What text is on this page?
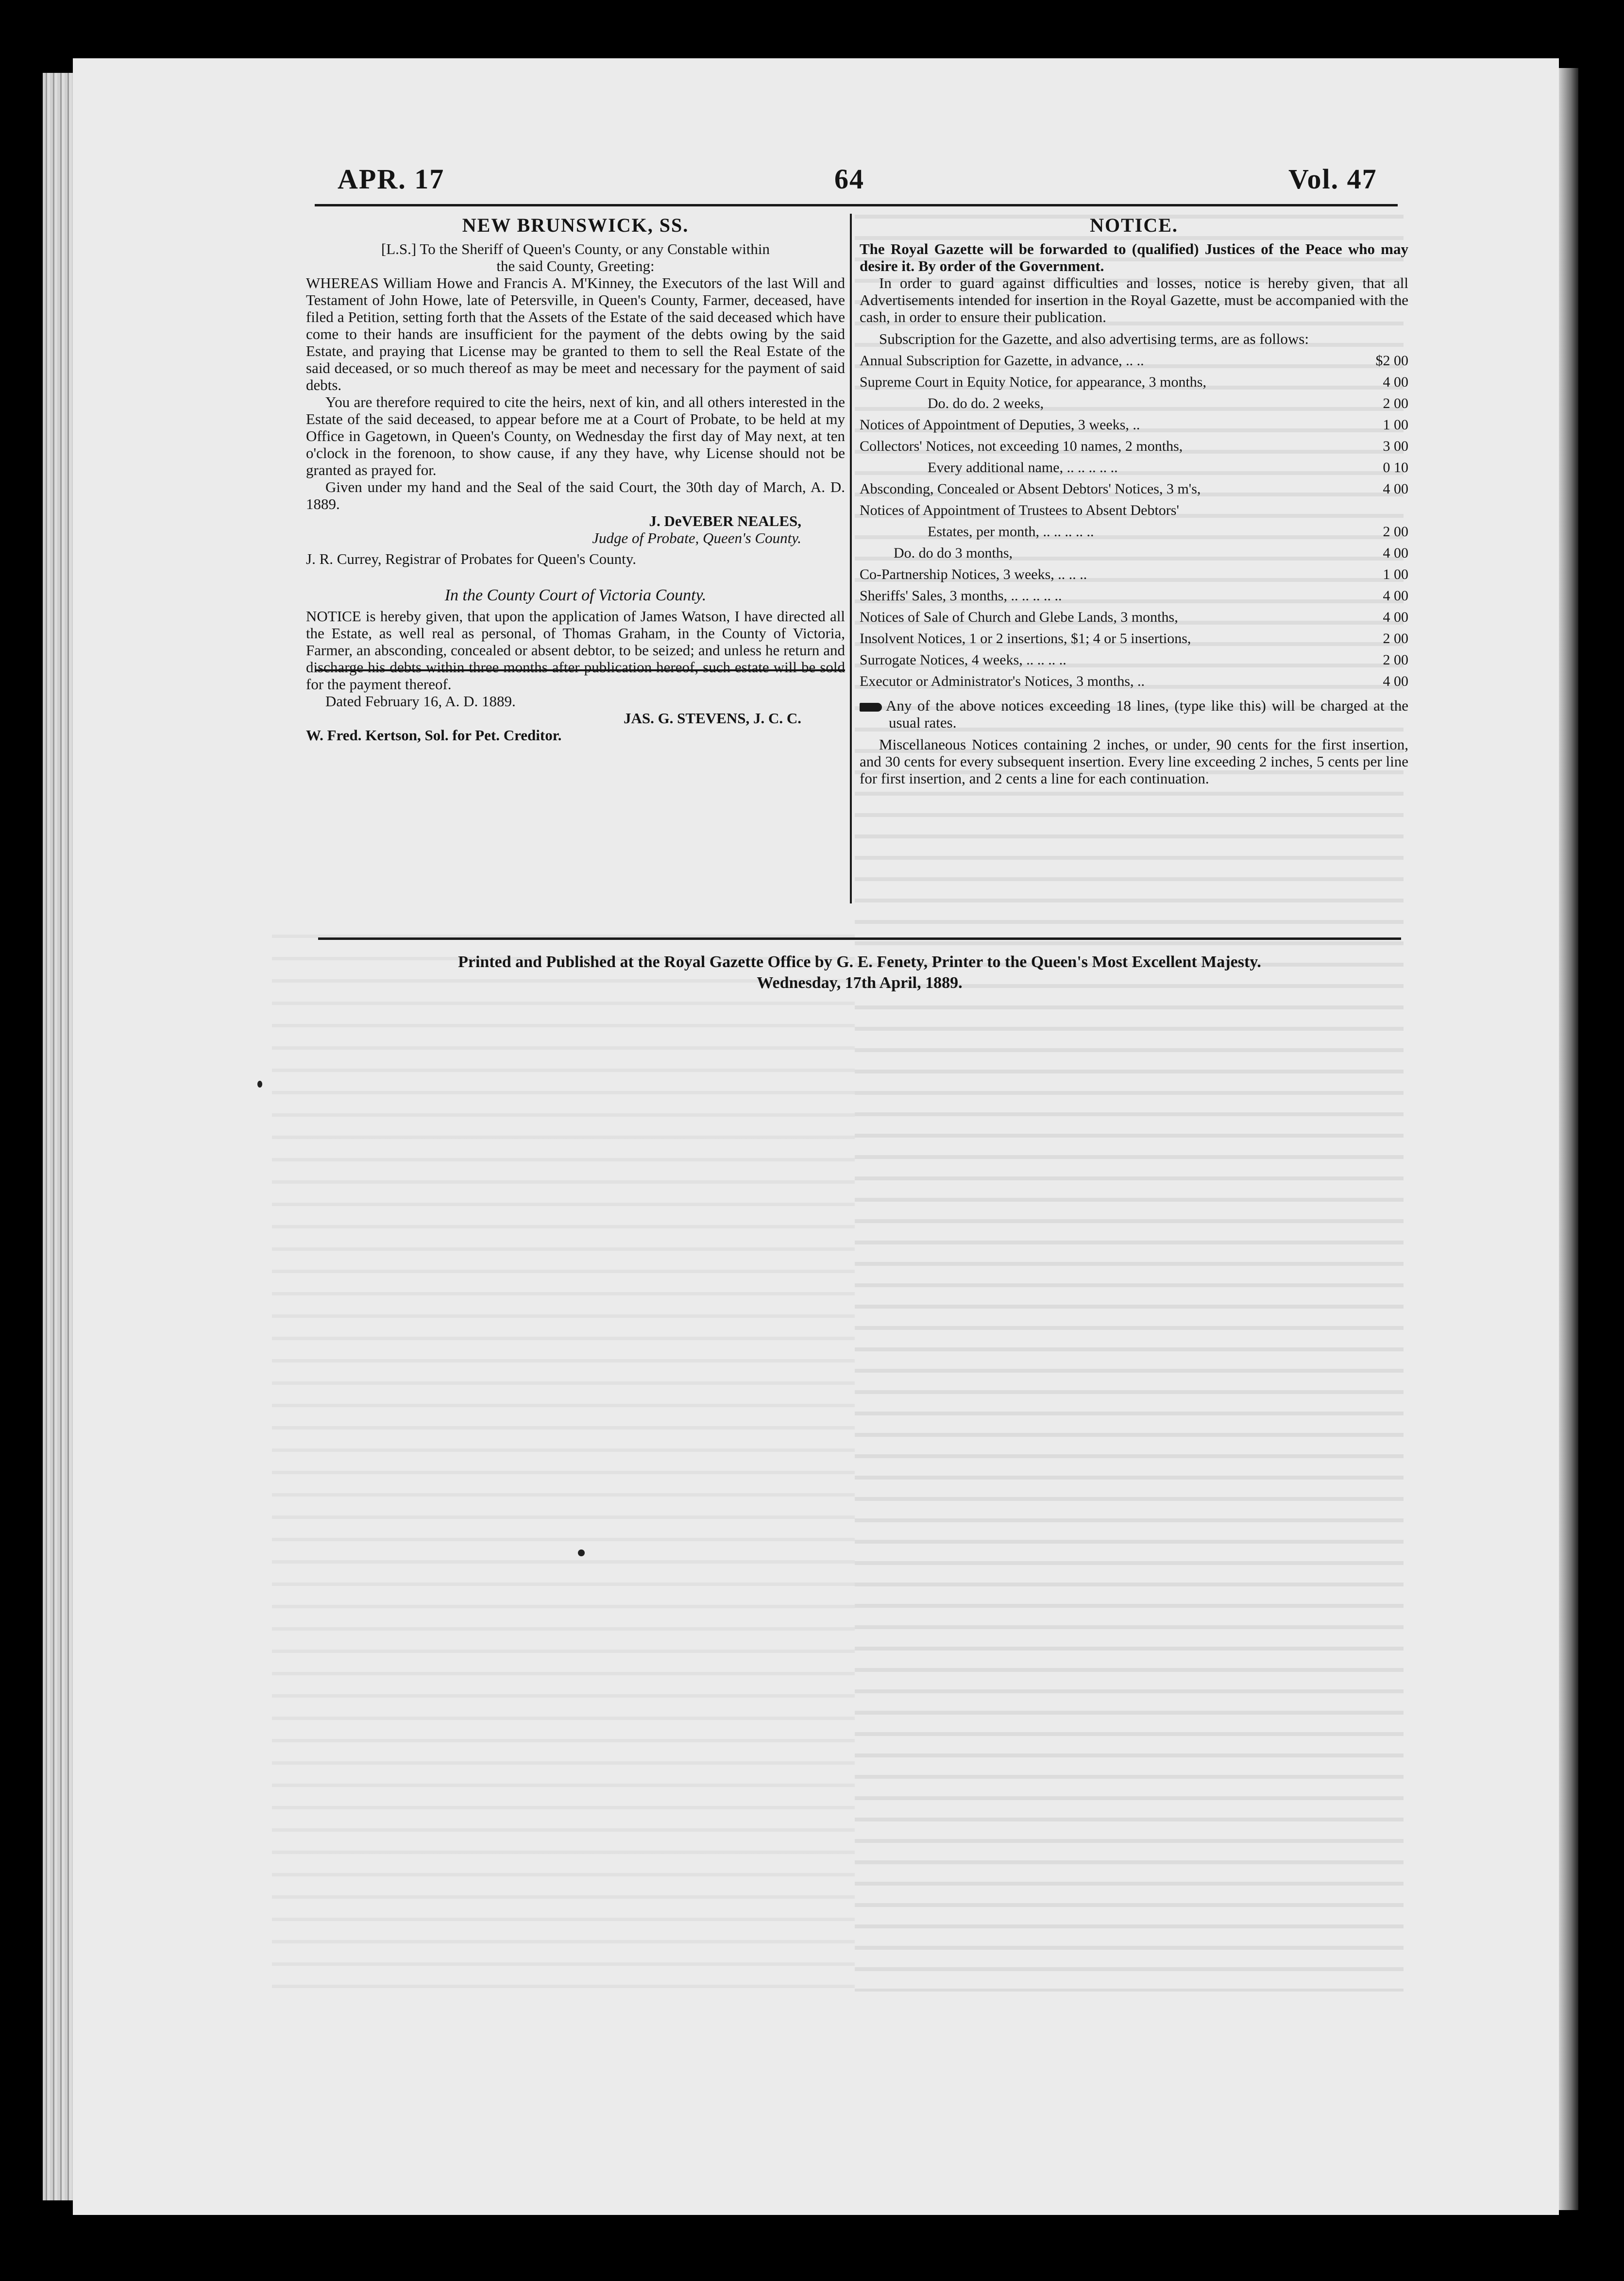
APR. 17	64	Vol. 47
NEW BRUNSWICK, SS.

[L.S.] To the Sheriff of Queen's County, or any Constable within

the said County, Greeting:

WHEREAS William Howe and Francis A. M'Kinney, the Executors of the last Will and Testament of John Howe, late of Petersville, in Queen's County, Farmer, deceased, have filed a Petition, setting forth that the Assets of the Estate of the said deceased which have come to their hands are insufficient for the payment of the debts owing by the said Estate, and praying that License may be granted to them to sell the Real Estate of the said deceased, or so much thereof as may be meet and necessary for the payment of said debts.

You are therefore required to cite the heirs, next of kin, and all others interested in the Estate of the said deceased, to appear before me at a Court of Probate, to be held at my Office in Gagetown, in Queen's County, on Wednesday the first day of May next, at ten o'clock in the forenoon, to show cause, if any they have, why License should not be granted as prayed for.

Given under my hand and the Seal of the said Court, the 30th day of March, A. D. 1889.

J. DeVEBER NEALES,

Judge of Probate, Queen's County.

J. R. Currey, Registrar of Probates for Queen's County.

In the County Court of Victoria County.

NOTICE is hereby given, that upon the application of James Watson, I have directed all the Estate, as well real as personal, of Thomas Graham, in the County of Victoria, Farmer, an absconding, concealed or absent debtor, to be seized; and unless he return and discharge his debts within three months after publication hereof, such estate will be sold for the payment thereof.

Dated February 16, A. D. 1889.

JAS. G. STEVENS, J. C. C.

W. Fred. Kertson, Sol. for Pet. Creditor.

NOTICE.

The Royal Gazette will be forwarded to (qualified) Justices of the Peace who may desire it. By order of the Government.

In order to guard against difficulties and losses, notice is hereby given, that all Advertisements intended for insertion in the Royal Gazette, must be accompanied with the cash, in order to ensure their publication.

Subscription for the Gazette, and also advertising terms, are as follows:

Annual Subscription for Gazette, in advance, .. ..	$2 00
Supreme Court in Equity Notice, for appearance, 3 months,	4 00
Do. do do. 2 weeks,	2 00
Notices of Appointment of Deputies, 3 weeks, ..	1 00
Collectors' Notices, not exceeding 10 names, 2 months,	3 00
Every additional name, .. .. .. .. ..	0 10
Absconding, Concealed or Absent Debtors' Notices, 3 m's,	4 00
Notices of Appointment of Trustees to Absent Debtors'
Estates, per month, .. .. .. .. ..	2 00
Do. do do 3 months,	4 00
Co-Partnership Notices, 3 weeks, .. .. ..	1 00
Sheriffs' Sales, 3 months, .. .. .. .. ..	4 00
Notices of Sale of Church and Glebe Lands, 3 months,	4 00
Insolvent Notices, 1 or 2 insertions, $1; 4 or 5 insertions,	2 00
Surrogate Notices, 4 weeks, .. .. .. ..	2 00
Executor or Administrator's Notices, 3 months, ..	4 00

Any of the above notices exceeding 18 lines, (type like this) will be charged at the usual rates.

Miscellaneous Notices containing 2 inches, or under, 90 cents for the first insertion, and 30 cents for every subsequent insertion. Every line exceeding 2 inches, 5 cents per line for first insertion, and 2 cents a line for each continuation.

Printed and Published at the Royal Gazette Office by G. E. Fenety, Printer to the Queen's Most Excellent Majesty.
Wednesday, 17th April, 1889.
